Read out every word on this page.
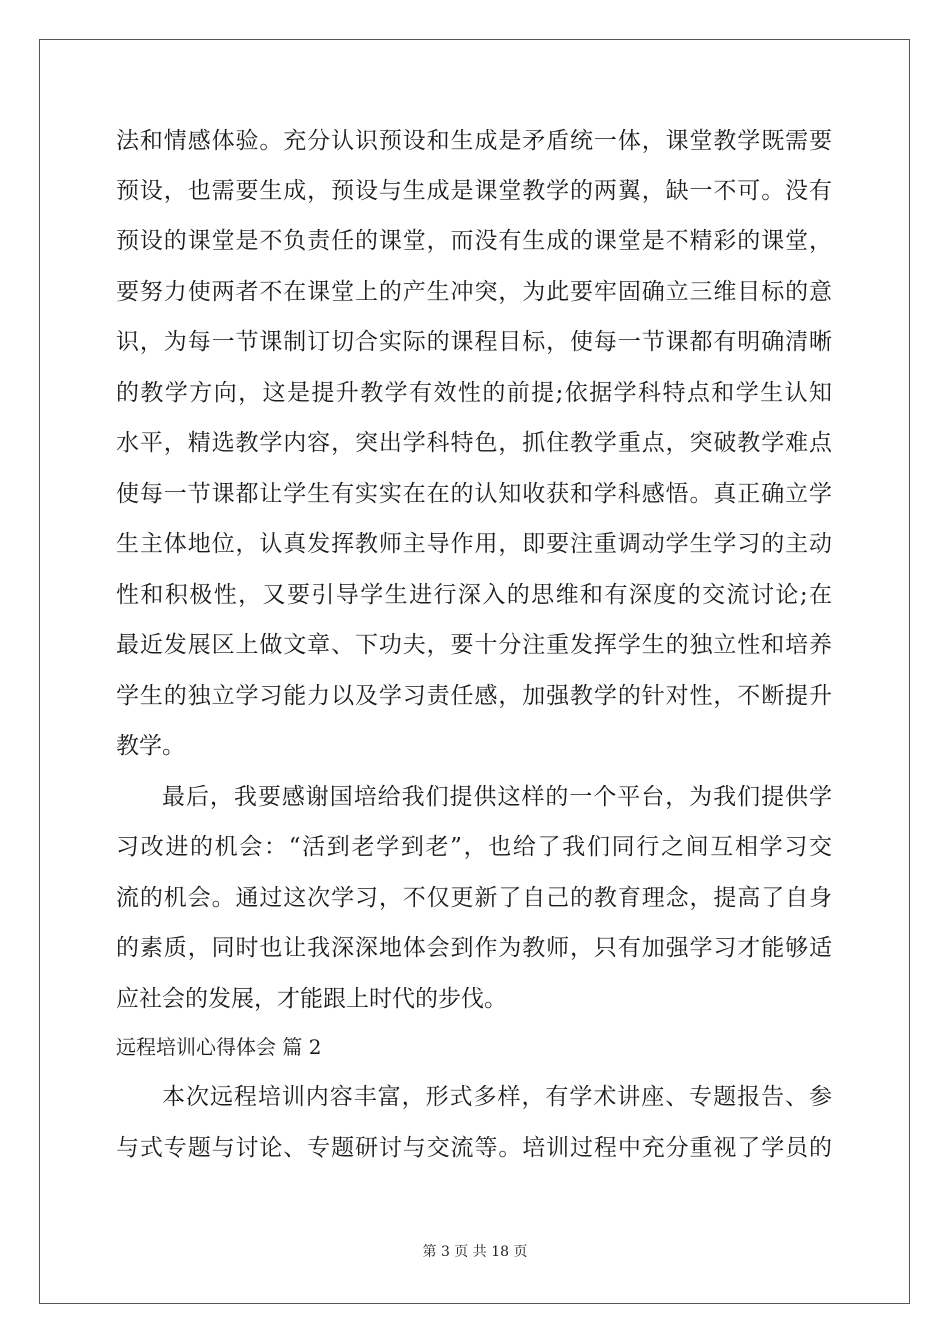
法和情感体验。充分认识预设和生成是矛盾统一体，课堂教学既需要
预设，也需要生成，预设与生成是课堂教学的两翼，缺一不可。没有
预设的课堂是不负责任的课堂，而没有生成的课堂是不精彩的课堂，
要努力使两者不在课堂上的产生冲突，为此要牢固确立三维目标的意
识，为每一节课制订切合实际的课程目标，使每一节课都有明确清晰
的教学方向，这是提升教学有效性的前提;依据学科特点和学生认知
水平，精选教学内容，突出学科特色，抓住教学重点，突破教学难点
使每一节课都让学生有实实在在的认知收获和学科感悟。真正确立学
生主体地位，认真发挥教师主导作用，即要注重调动学生学习的主动
性和积极性，又要引导学生进行深入的思维和有深度的交流讨论;在
最近发展区上做文章、下功夫，要十分注重发挥学生的独立性和培养
学生的独立学习能力以及学习责任感，加强教学的针对性，不断提升
教学。
最后，我要感谢国培给我们提供这样的一个平台，为我们提供学
习改进的机会：“活到老学到老”，也给了我们同行之间互相学习交
流的机会。通过这次学习，不仅更新了自己的教育理念，提高了自身
的素质，同时也让我深深地体会到作为教师，只有加强学习才能够适
应社会的发展，才能跟上时代的步伐。
远程培训心得体会 篇 2
本次远程培训内容丰富，形式多样，有学术讲座、专题报告、参
与式专题与讨论、专题研讨与交流等。培训过程中充分重视了学员的
第 3 页 共 18 页
